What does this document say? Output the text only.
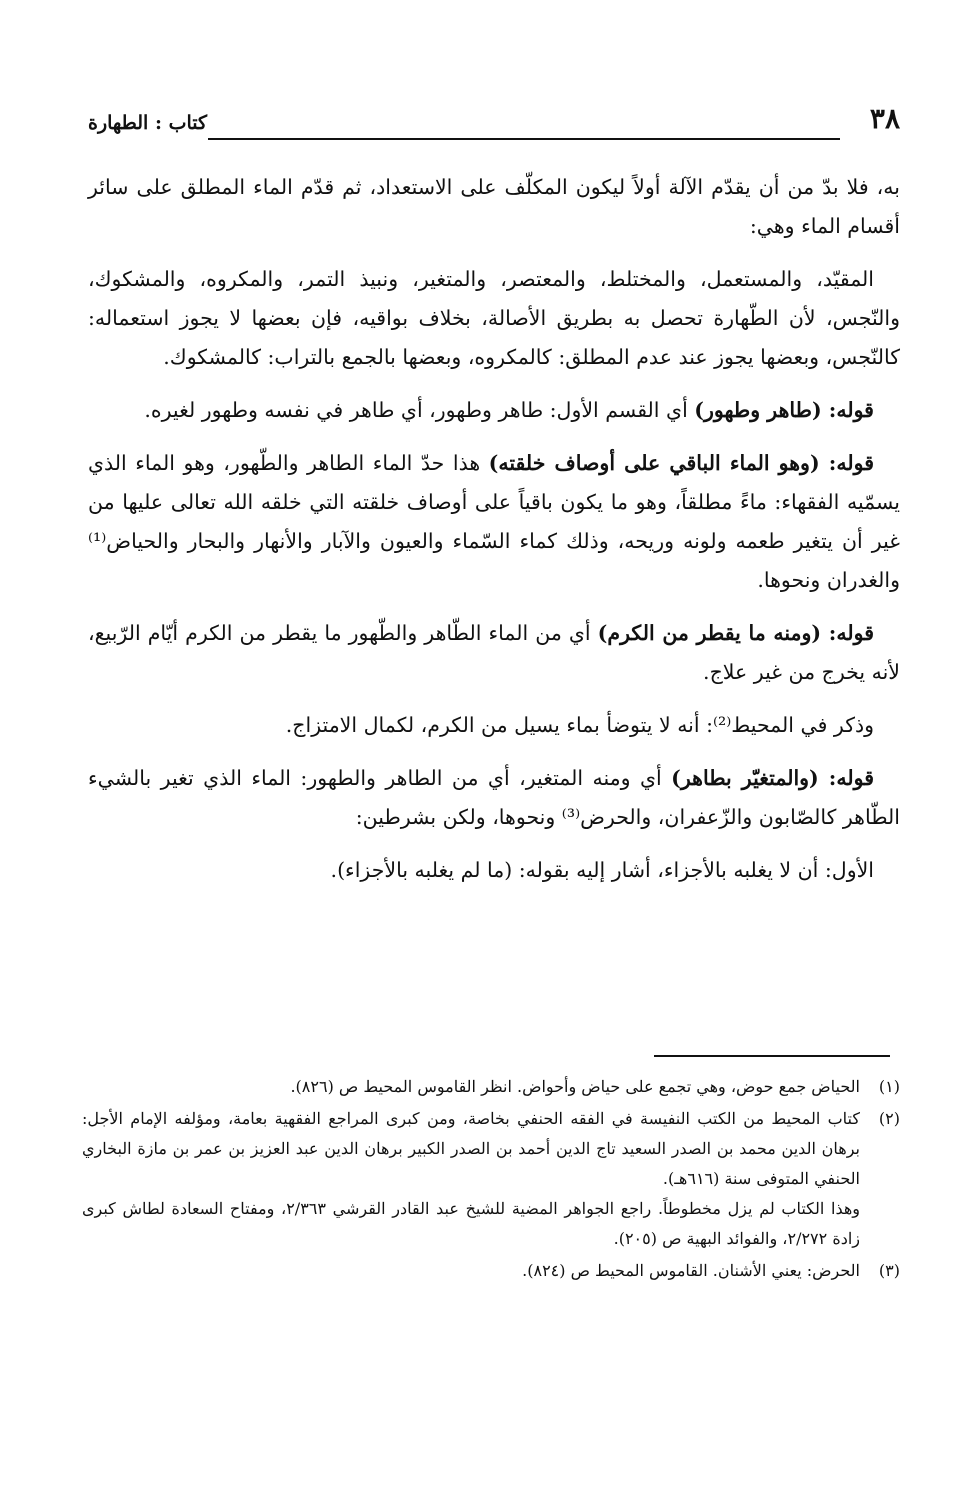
٣٨
كتاب : الطهارة

به، فلا بدّ من أن يقدّم الآلة أولاً ليكون المكلّف على الاستعداد، ثم قدّم الماء المطلق على سائر أقسام الماء وهي:

المقيّد، والمستعمل، والمختلط، والمعتصر، والمتغير، ونبيذ التمر، والمكروه، والمشكوك، والنّجس، لأن الطّهارة تحصل به بطريق الأصالة، بخلاف بواقيه، فإن بعضها لا يجوز استعماله: كالنّجس، وبعضها يجوز عند عدم المطلق: كالمكروه، وبعضها بالجمع بالتراب: كالمشكوك.

قوله: (طاهر وطهور) أي القسم الأول: طاهر وطهور، أي طاهر في نفسه وطهور لغيره.

قوله: (وهو الماء الباقي على أوصاف خلقته) هذا حدّ الماء الطاهر والطّهور، وهو الماء الذي يسمّيه الفقهاء: ماءً مطلقاً، وهو ما يكون باقياً على أوصاف خلقته التي خلقه الله تعالى عليها من غير أن يتغير طعمه ولونه وريحه، وذلك كماء السّماء والعيون والآبار والأنهار والبحار والحياض⁽¹⁾ والغدران ونحوها.

قوله: (ومنه ما يقطر من الكرم) أي من الماء الطّاهر والطّهور ما يقطر من الكرم أيّام الرّبيع، لأنه يخرج من غير علاج.

وذكر في المحيط⁽²⁾: أنه لا يتوضأ بماء يسيل من الكرم، لكمال الامتزاج.

قوله: (والمتغيّر بطاهر) أي ومنه المتغير، أي من الطاهر والطهور: الماء الذي تغير بالشيء الطّاهر كالصّابون والزّعفران، والحرض⁽³⁾ ونحوها، ولكن بشرطين:

الأول: أن لا يغلبه بالأجزاء، أشار إليه بقوله: (ما لم يغلبه بالأجزاء).

(١)

الحياض جمع حوض، وهي تجمع على حياض وأحواض. انظر القاموس المحيط ص (٨٢٦).

(٢)

كتاب المحيط من الكتب النفيسة في الفقه الحنفي بخاصة، ومن كبرى المراجع الفقهية بعامة، ومؤلفه الإمام الأجل: برهان الدين محمد بن الصدر السعيد تاج الدين أحمد بن الصدر الكبير برهان الدين عبد العزيز بن عمر بن مازة البخاري الحنفي المتوفى سنة (٦١٦هـ).

وهذا الكتاب لم يزل مخطوطاً. راجع الجواهر المضية للشيخ عبد القادر القرشي ٢/٣٦٣، ومفتاح السعادة لطاش كبرى زادة ٢/٢٧٢، والفوائد البهية ص (٢٠٥).

(٣)

الحرض: يعني الأشنان. القاموس المحيط ص (٨٢٤).
